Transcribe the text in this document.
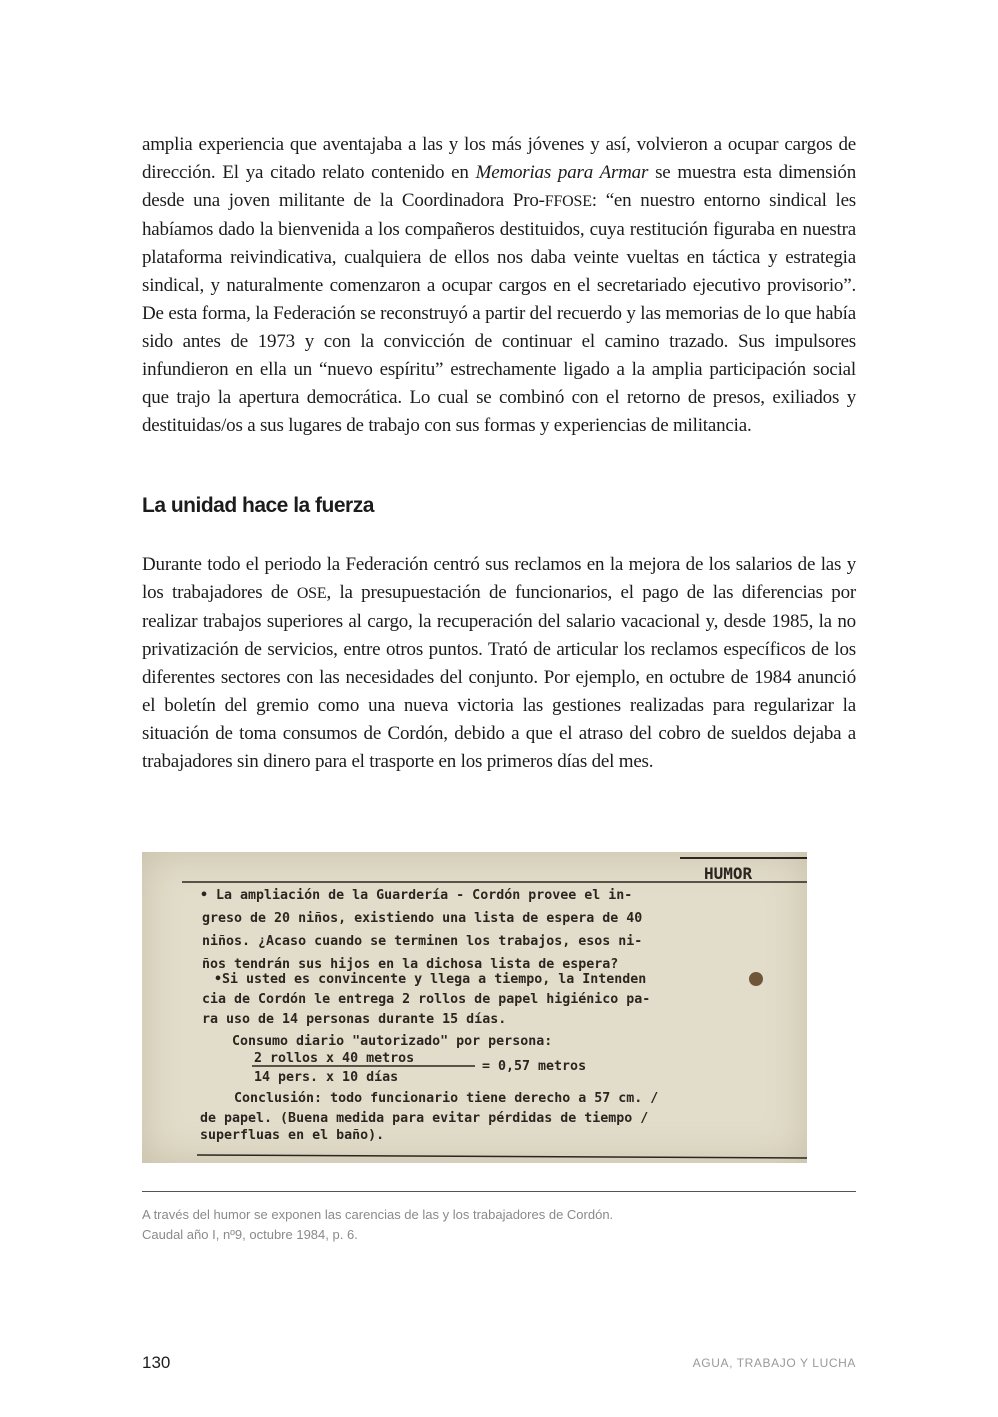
amplia experiencia que aventajaba a las y los más jóvenes y así, volvieron a ocupar cargos de dirección. El ya citado relato contenido en Memorias para Armar se muestra esta dimensión desde una joven militante de la Coordinadora Pro-FFOSE: “en nuestro entorno sindical les habíamos dado la bienvenida a los compañeros destituidos, cuya restitución figuraba en nuestra plataforma reivindicativa, cualquiera de ellos nos daba veinte vueltas en táctica y estrategia sindical, y naturalmente comenzaron a ocupar cargos en el secretariado ejecutivo provisorio”. De esta forma, la Federación se reconstruyó a partir del recuerdo y las memorias de lo que había sido antes de 1973 y con la convicción de continuar el camino trazado. Sus impulsores infundieron en ella un “nuevo espíritu” estrechamente ligado a la amplia participación social que trajo la apertura democrática. Lo cual se combinó con el retorno de presos, exiliados y destituidas/os a sus lugares de trabajo con sus formas y experiencias de militancia.
La unidad hace la fuerza
Durante todo el periodo la Federación centró sus reclamos en la mejora de los salarios de las y los trabajadores de OSE, la presupuestación de funcionarios, el pago de las diferencias por realizar trabajos superiores al cargo, la recuperación del salario vacacional y, desde 1985, la no privatización de servicios, entre otros puntos. Trató de articular los reclamos específicos de los diferentes sectores con las necesidades del conjunto. Por ejemplo, en octubre de 1984 anunció el boletín del gremio como una nueva victoria las gestiones realizadas para regularizar la situación de toma consumos de Cordón, debido a que el atraso del cobro de sueldos dejaba a trabajadores sin dinero para el trasporte en los primeros días del mes.
HUMOR
• La ampliación de la Guardería - Cordón provee el in-
greso de 20 niños, existiendo una lista de espera de 40
niños. ¿Acaso cuando se terminen los trabajos, esos ni-
ños tendrán sus hijos en la dichosa lista de espera?
•Si usted es convincente y llega a tiempo, la Intenden
cia de Cordón le entrega 2 rollos de papel higiénico pa-
ra uso de 14 personas durante 15 días.
Consumo diario "autorizado" por persona:
2 rollos x 40 metros
= 0,57 metros
14 pers. x 10 días
Conclusión: todo funcionario tiene derecho a 57 cm. /
de papel. (Buena medida para evitar pérdidas de tiempo /
superfluas en el baño).
A través del humor se exponen las carencias de las y los trabajadores de Cordón.
Caudal año I, nº9, octubre 1984, p. 6.
130	AGUA, TRABAJO Y LUCHA
